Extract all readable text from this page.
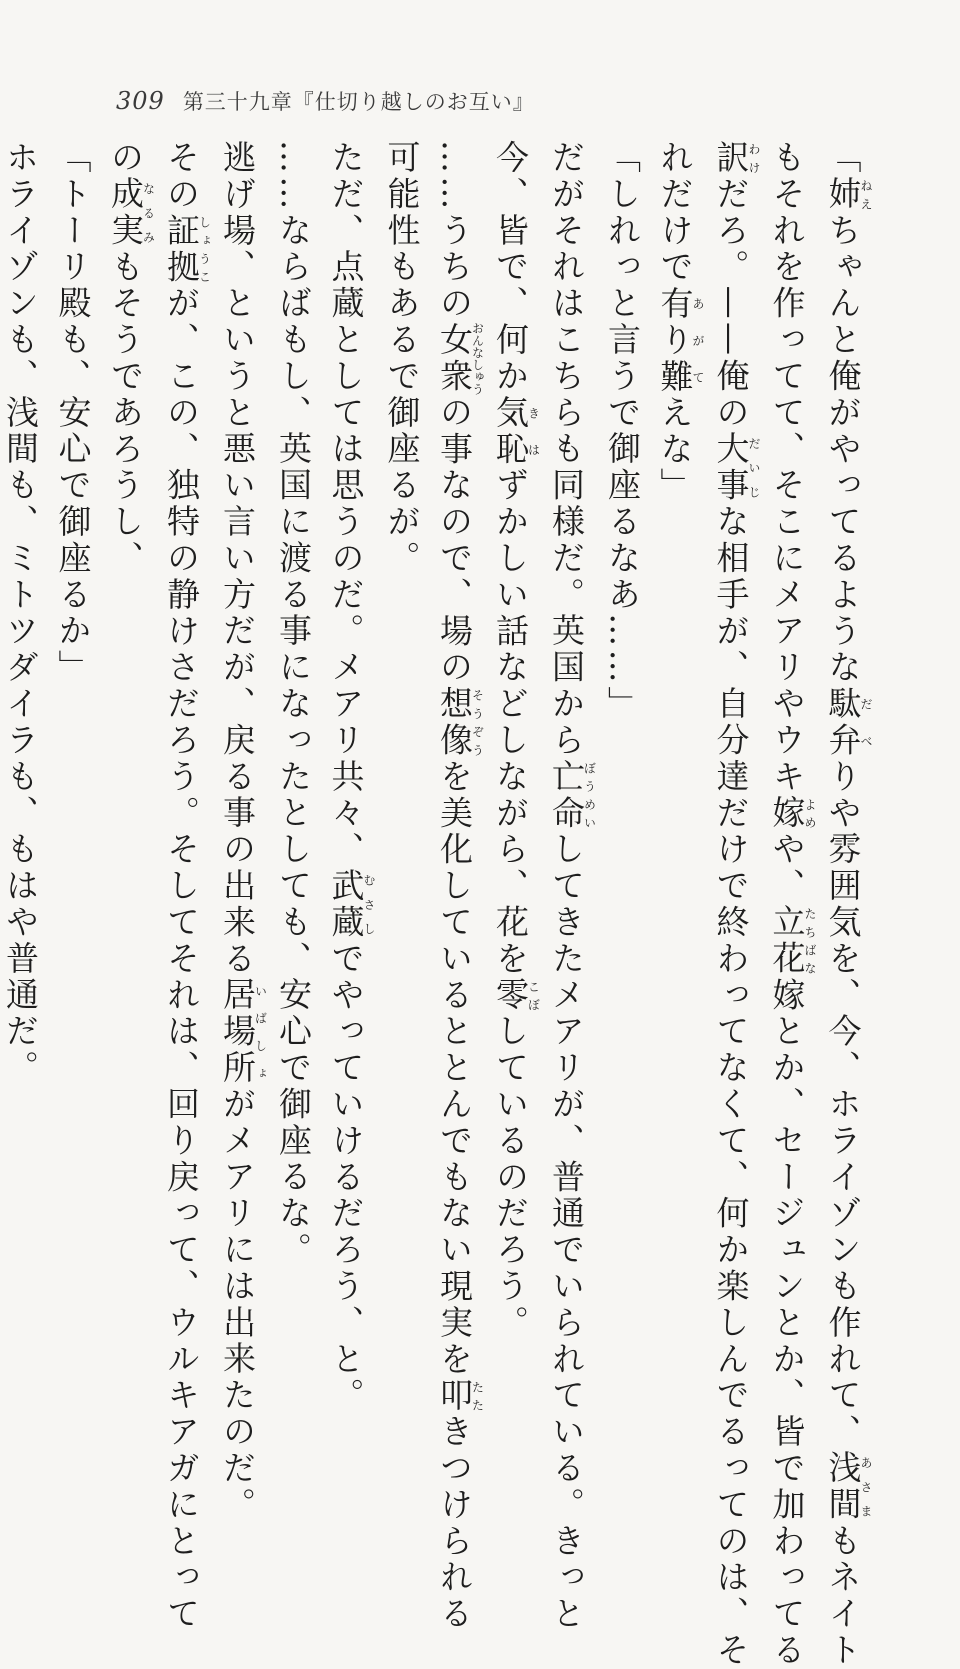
309 第三十九章『仕切り越しのお互い』
「姉ねえちゃんと俺がやってるような駄弁だべりや雰囲気を、今、ホライゾンも作れて、浅間あさまもネイト
もそれを作ってて、そこにメアリやウキ嫁よめや、立花たちばな嫁とか、セージュンとか、皆で加わってる
訳わけだろ。——俺の大事だいじな相手が、自分達だけで終わってなくて、何か楽しんでるってのは、そ
れだけで有り難あがてえな」
「しれっと言うで御座るなあ……」
だがそれはこちらも同様だ。英国から亡命ぼうめいしてきたメアリが、普通でいられている。きっと
今、皆で、何か気恥きはずかしい話などしながら、花を零こぼしているのだろう。
……うちの女衆おんなしゅうの事なので、場の想像そうぞうを美化しているととんでもない現実を叩たたきつけられる
可能性もあるで御座るが。
ただ、点蔵としては思うのだ。メアリ共々、武蔵むさしでやっていけるだろう、と。
……ならばもし、英国に渡る事になったとしても、安心で御座るな。
逃げ場、というと悪い言い方だが、戻る事の出来る居場所いばしょがメアリには出来たのだ。
その証拠しょうこが、この、独特の静けさだろう。そしてそれは、回り戻って、ウルキアガにとって
の成実なるみもそうであろうし、
「トーリ殿も、安心で御座るか」
ホライゾンも、浅間も、ミトツダイラも、もはや普通だ。
